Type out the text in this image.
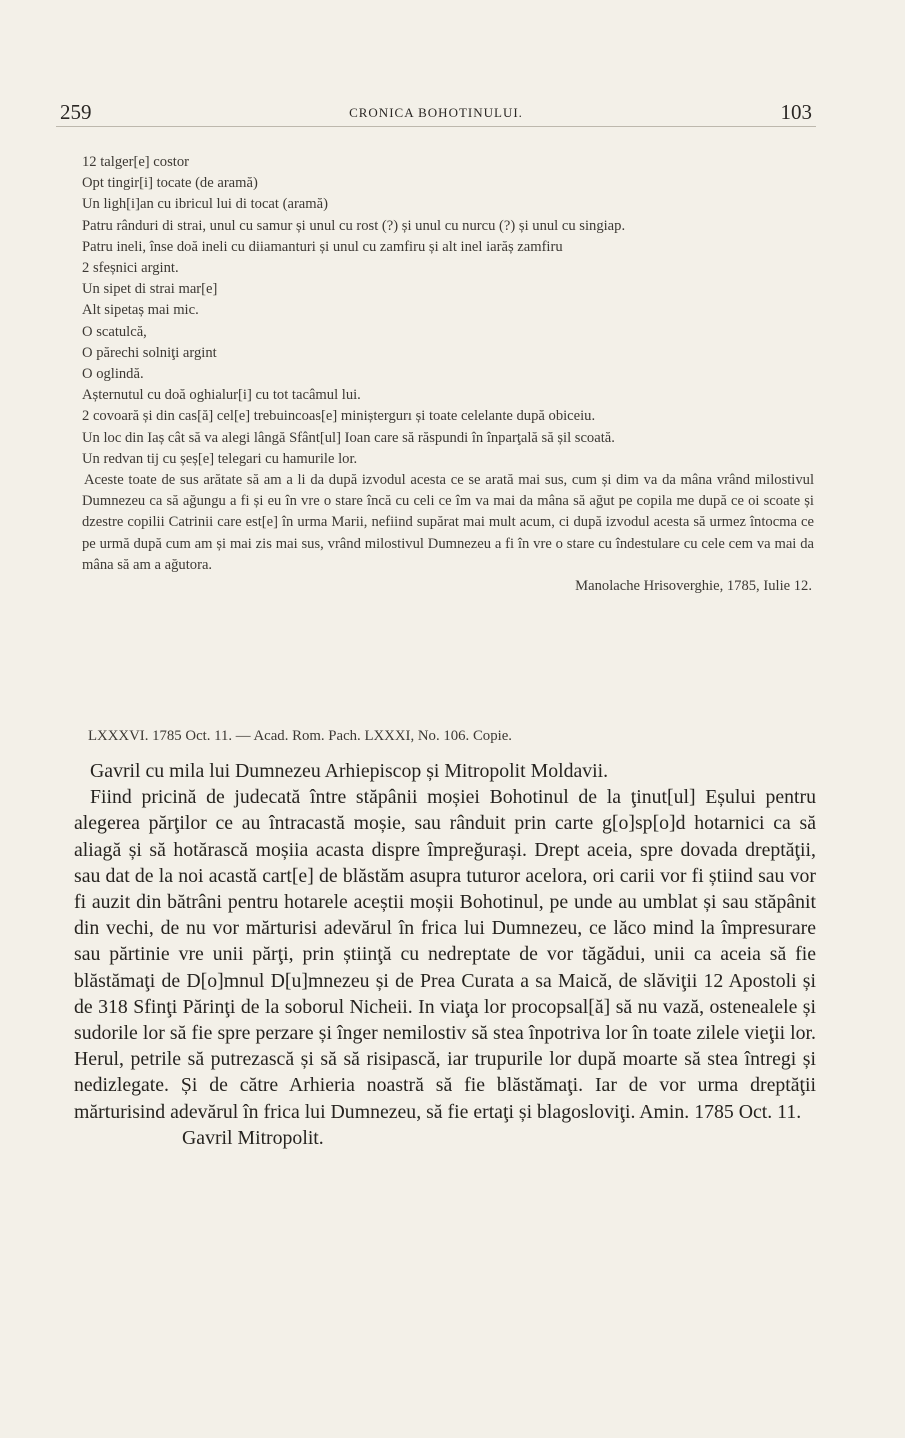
259	CRONICA BOHOTINULUI.	103
12 talger[e] costor
Opt tingir[i] tocate (de aramă)
Un ligh[i]an cu ibricul lui di tocat (aramă)
Patru rânduri di strai, unul cu samur și unul cu rost (?) și unul cu nurcu (?) și unul cu singiap.
Patru ineli, înse doă ineli cu diiamanturi și unul cu zamfiru și alt inel iarăș zamfiru
2 sfeșnici argint.
Un sipet di strai mar[e]
Alt sipetaș mai mic.
O scatulcă,
O părechi solniţi argint
O oglindă.
Așternutul cu doă oghialur[i] cu tot tacâmul lui.
2 covoară și din cas[ă] cel[e] trebuincoas[e] miniștergurı și toate celelante după obiceiu.
Un loc din Iaș cât să va alegi lângă Sfânt[ul] Ioan care să răspundi în înparţală să șil scoată.
Un redvan tij cu șeș[e] telegari cu hamurile lor.
Aceste toate de sus arătate să am a li da după izvodul acesta ce se arată mai sus, cum și dim va da mâna vrând milostivul Dumnezeu ca să ağungu a fi și eu în vre o stare încă cu celi ce îm va mai da mâna să ağut pe copila me după ce oi scoate și dzestre copilii Catrinii care est[e] în urma Marii, nefiind supărat mai mult acum, ci după izvodul acesta să urmez întocma ce pe urmă după cum am și mai zis mai sus, vrând milostivul Dumnezeu a fi în vre o stare cu îndestulare cu cele cem va mai da mâna să am a ağutora.
Manolache Hrisoverghie, 1785, Iulie 12.
LXXXVI. 1785 Oct. 11. — Acad. Rom. Pach. LXXXI, No. 106. Copie.
Gavril cu mila lui Dumnezeu Arhiepiscop și Mitropolit Moldavii.
Fiind pricină de judecată între stăpânii moșiei Bohotinul de la ţinut[ul] Eșului pentru alegerea părţilor ce au întracastă moșie, sau rânduit prin carte g[o]sp[o]d hotarnici ca să aliagă și să hotărască moșiia acasta dispre împreğurași. Drept aceia, spre dovada dreptăţii, sau dat de la noi acastă cart[e] de blăstăm asupra tuturor acelora, ori carii vor fi știind sau vor fi auzit din bătrâni pentru hotarele aceștii moșii Bohotinul, pe unde au umblat și sau stăpânit din vechi, de nu vor mărturisi adevărul în frica lui Dumnezeu, ce lăco mind la împresurare sau părtinie vre unii părţi, prin știinţă cu nedreptate de vor tăgădui, unii ca aceia să fie blăstămaţi de D[o]mnul D[u]mnezeu și de Prea Curata a sa Maică, de slăviţii 12 Apostoli și de 318 Sfinţi Părinţi de la soborul Nicheii. In viaţa lor procopsal[ă] să nu vază, ostenealele și sudorile lor să fie spre perzare și înger nemilostiv să stea înpotriva lor în toate zilele vieţii lor. Herul, petrile să putrezască și să să risipască, iar trupurile lor după moarte să stea întregi și nedizlegate. Și de către Arhieria noastră să fie blăstămaţi. Iar de vor urma dreptăţii mărturisind adevărul în frica lui Dumnezeu, să fie ertaţi și blagosloviţi. Amin. 1785 Oct. 11.
Gavril Mitropolit.
